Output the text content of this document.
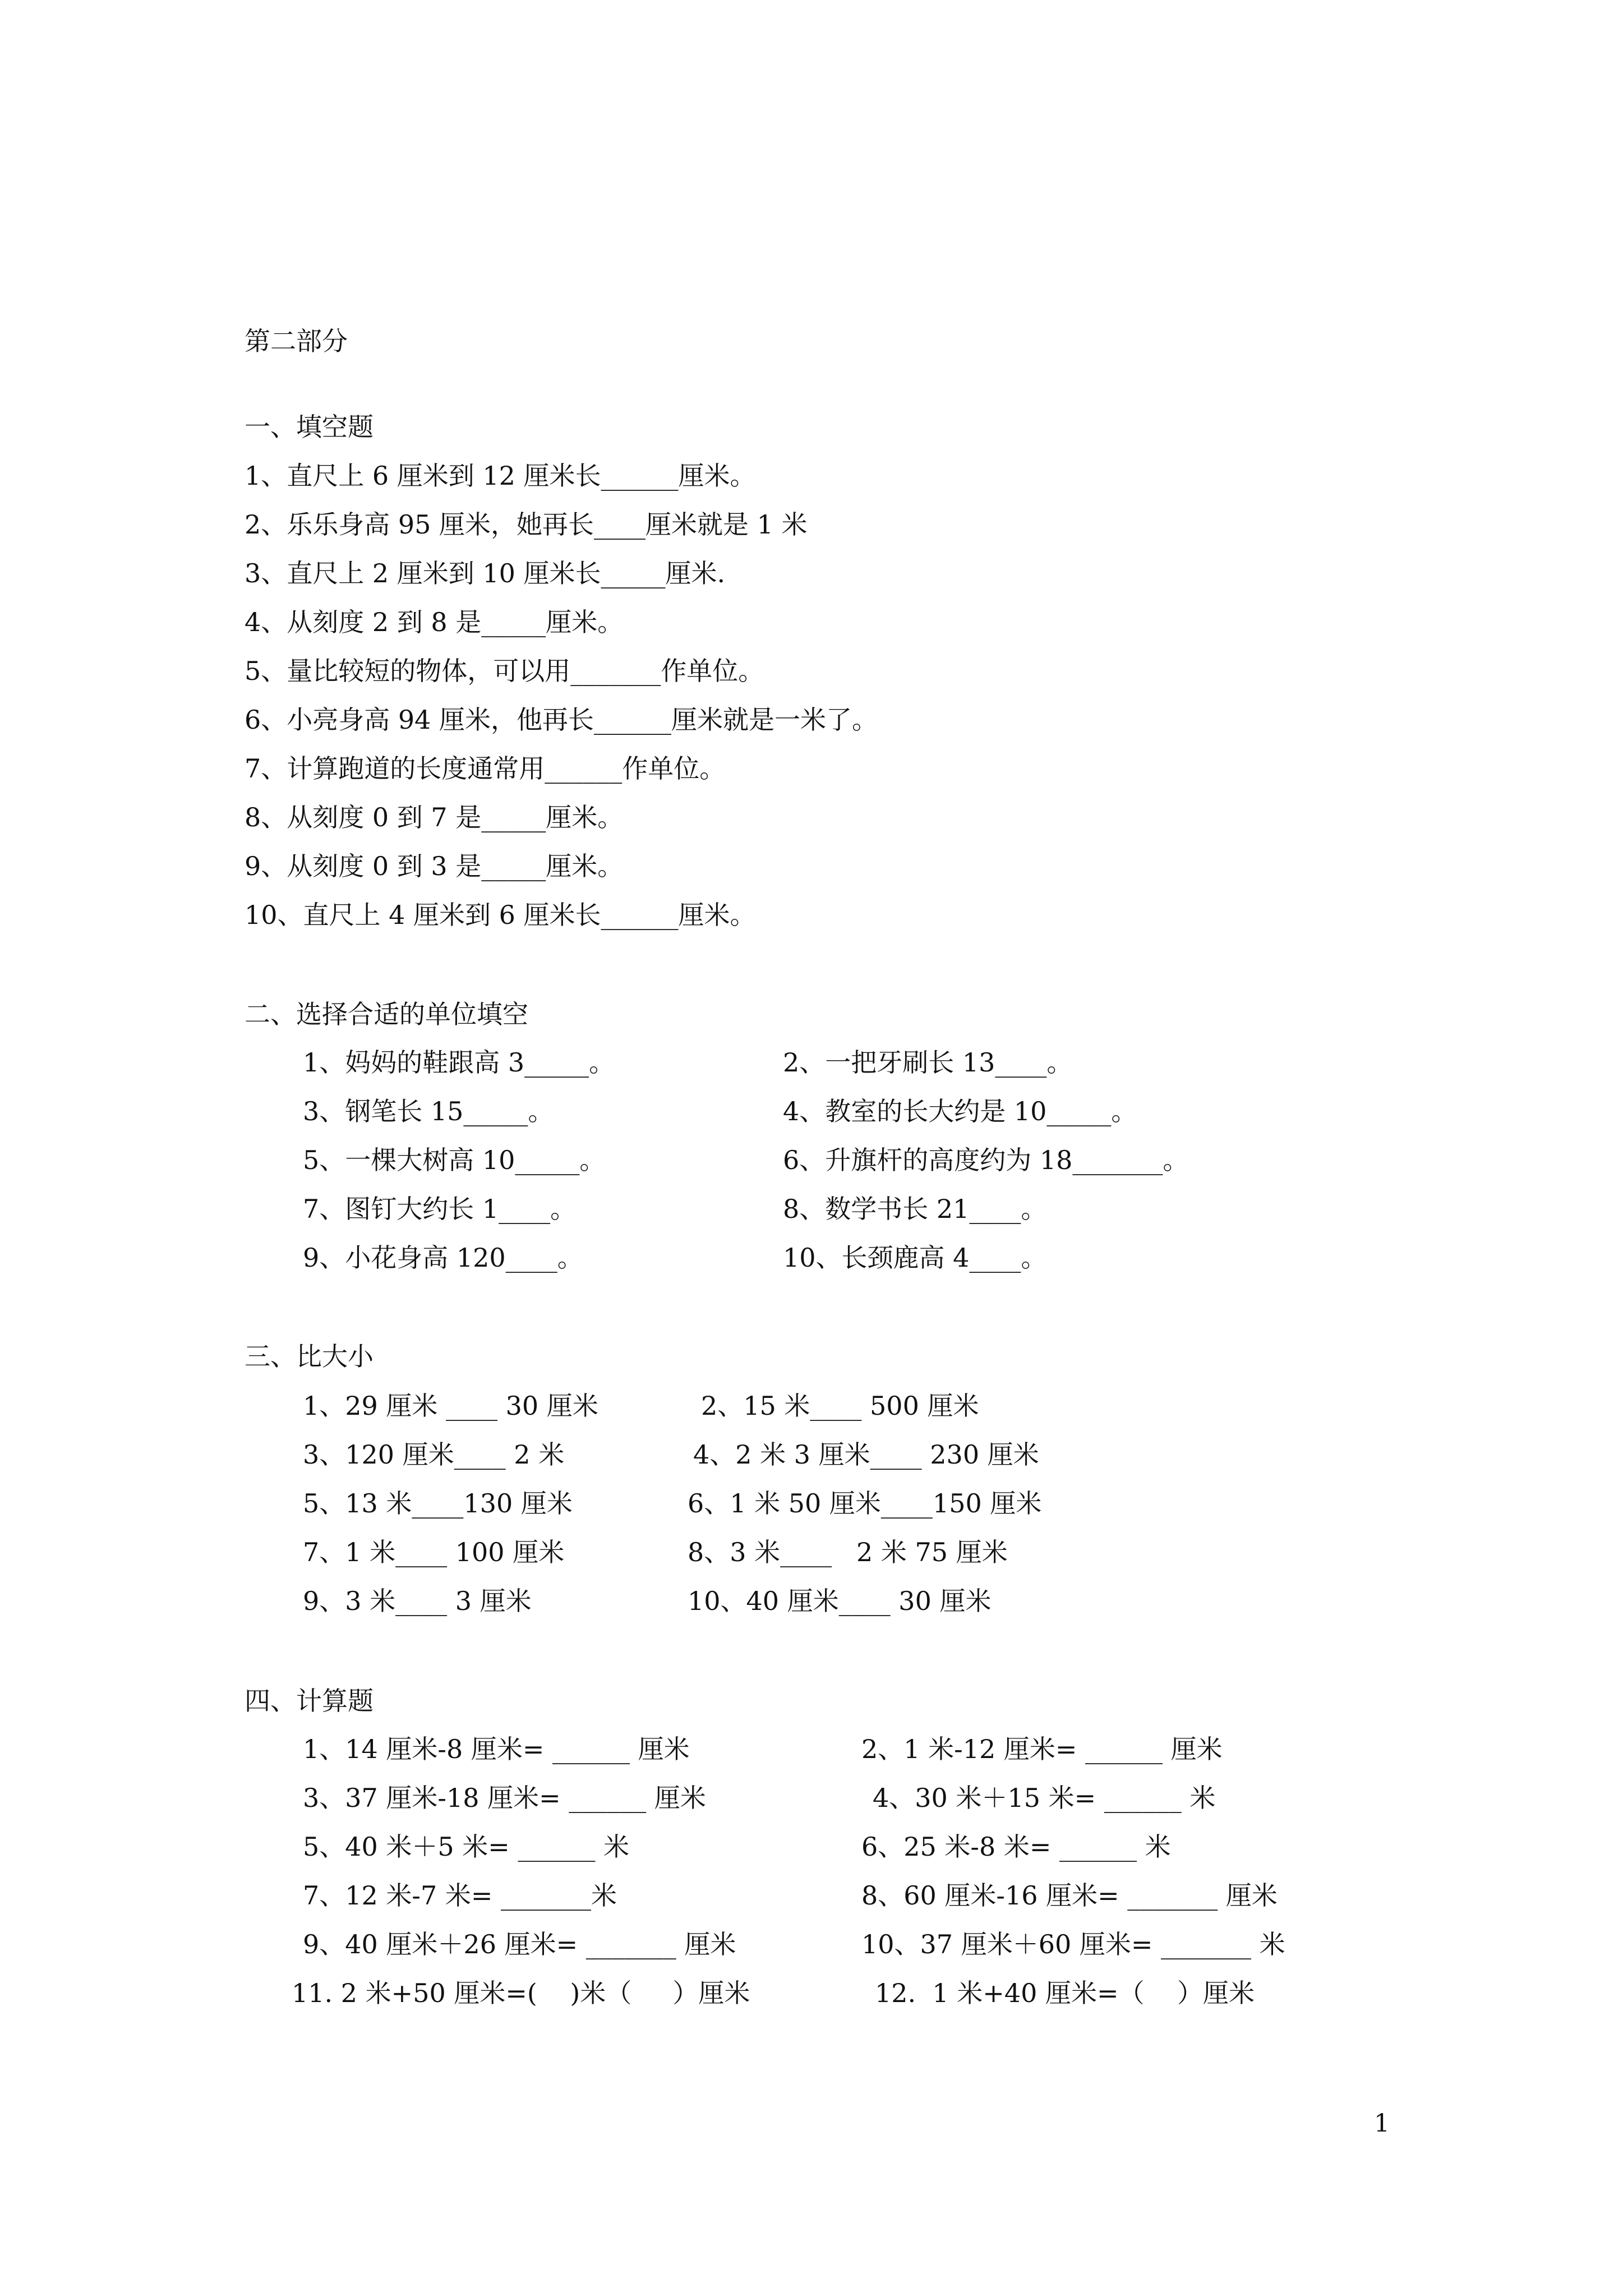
第二部分
一、填空题
1、直尺上 6 厘米到 12 厘米长______厘米。
2、乐乐身高 95 厘米，她再长____厘米就是 1 米
3、直尺上 2 厘米到 10 厘米长_____厘米.
4、从刻度 2 到 8 是_____厘米。
5、量比较短的物体，可以用_______作单位。
6、小亮身高 94 厘米，他再长______厘米就是一米了。
7、计算跑道的长度通常用______作单位。
8、从刻度 0 到 7 是_____厘米。
9、从刻度 0 到 3 是_____厘米。
10、直尺上 4 厘米到 6 厘米长______厘米。
二、选择合适的单位填空
1、妈妈的鞋跟高 3_____。	2、一把牙刷长 13____。
3、钢笔长 15_____。	4、教室的长大约是 10_____。
5、一棵大树高 10_____。	6、升旗杆的高度约为 18_______。
7、图钉大约长 1____。	8、数学书长 21____。
9、小花身高 120____。	10、长颈鹿高 4____。
三、比大小
1、29 厘米 ____ 30 厘米	2、15 米____ 500 厘米
3、120 厘米____ 2 米	4、2 米 3 厘米____ 230 厘米
5、13 米____130 厘米	6、1 米 50 厘米____150 厘米
7、1 米____ 100 厘米	8、3 米____   2 米 75 厘米
9、3 米____ 3 厘米	10、40 厘米____ 30 厘米
四、计算题
1、14 厘米-8 厘米= ______ 厘米	2、1 米-12 厘米= ______ 厘米
3、37 厘米-18 厘米= ______ 厘米	4、30 米＋15 米= ______ 米
5、40 米＋5 米= ______ 米	6、25 米-8 米= ______ 米
7、12 米-7 米= _______米	8、60 厘米-16 厘米= _______ 厘米
9、40 厘米＋26 厘米= _______ 厘米	10、37 厘米＋60 厘米= _______ 米
11. 2 米+50 厘米=(    )米（     ）厘米	12.  1 米+40 厘米=（    ）厘米
1
